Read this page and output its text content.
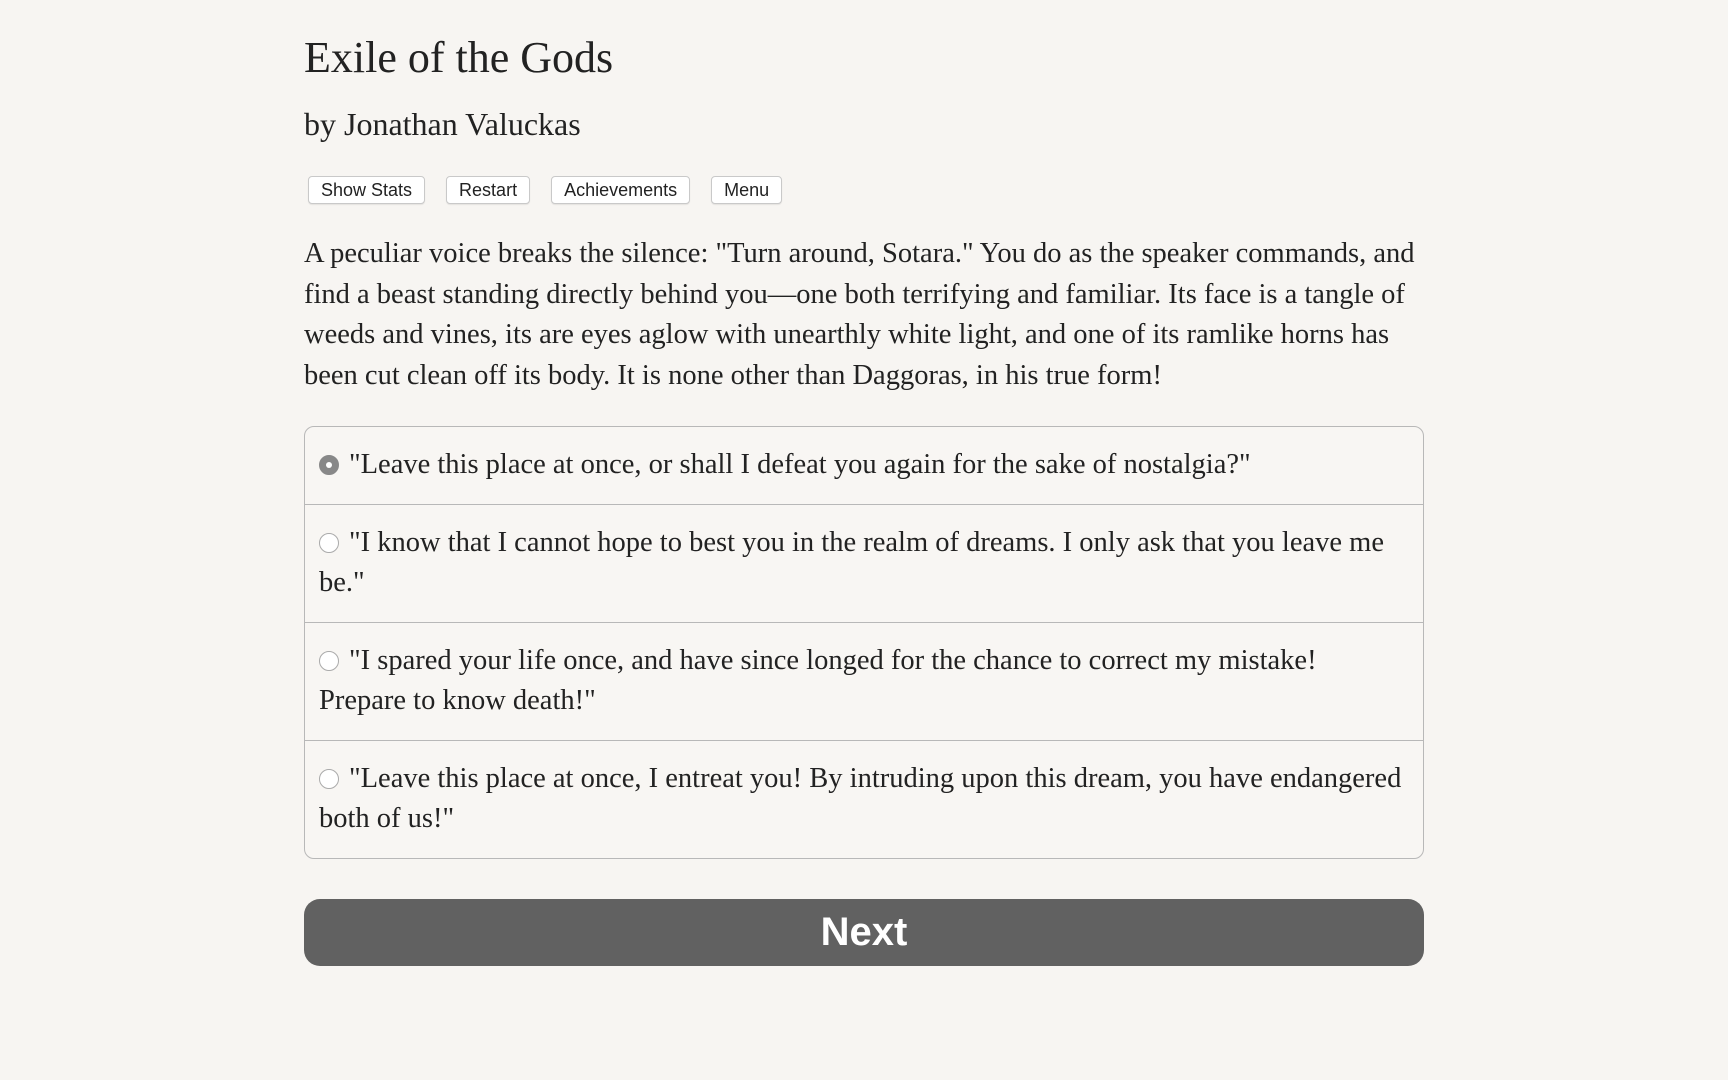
Exile of the Gods
by Jonathan Valuckas
Show Stats	Restart	Achievements	Menu
A peculiar voice breaks the silence: "Turn around, Sotara." You do as the speaker commands, and find a beast standing directly behind you—one both terrifying and familiar. Its face is a tangle of weeds and vines, its are eyes aglow with unearthly white light, and one of its ramlike horns has been cut clean off its body. It is none other than Daggoras, in his true form!
"Leave this place at once, or shall I defeat you again for the sake of nostalgia?"
"I know that I cannot hope to best you in the realm of dreams. I only ask that you leave me be."
"I spared your life once, and have since longed for the chance to correct my mistake! Prepare to know death!"
"Leave this place at once, I entreat you! By intruding upon this dream, you have endangered both of us!"
Next
